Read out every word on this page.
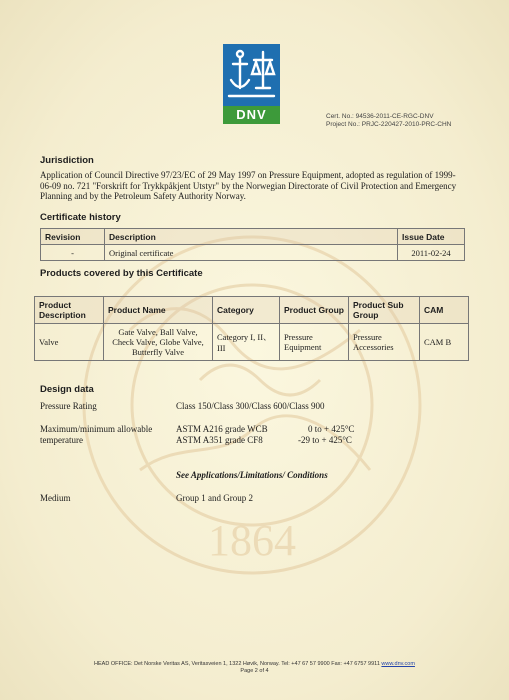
1864
DNV	Cert. No.: 94536-2011-CE-RGC-DNV
Project No.: PRJC-220427-2010-PRC-CHN
Jurisdiction
Application of Council Directive 97/23/EC of 29 May 1997 on Pressure Equipment, adopted as regulation of 1999-06-09 no. 721 "Forskrift for Trykkpåkjent Utstyr" by the Norwegian Directorate of Civil Protection and Emergency Planning and by the Petroleum Safety Authority Norway.
Certificate history
Revision	Description	Issue Date
-	Original certificate	2011-02-24
Products covered by this Certificate
Product Description	Product Name	Category	Product Group	Product Sub Group	CAM
Valve	Gate Valve, Ball Valve, Check Valve, Globe Valve, Butterfly Valve	Category I, II、III	Pressure Equipment	Pressure Accessories	CAM B
Design data
Pressure Rating	Class 150/Class 300/Class 600/Class 900
Maximum/minimum allowable temperature
ASTM A216 grade WCB	0 to + 425°C
ASTM A351 grade CF8	-29 to + 425°C
See Applications/Limitations/ Conditions
Medium	Group 1 and Group 2
HEAD OFFICE: Det Norske Veritas AS, Veritasveien 1, 1322 Høvik, Norway. Tel: +47 67 57 9900 Fax: +47 6757 9911 www.dnv.com
Page 2 of 4
